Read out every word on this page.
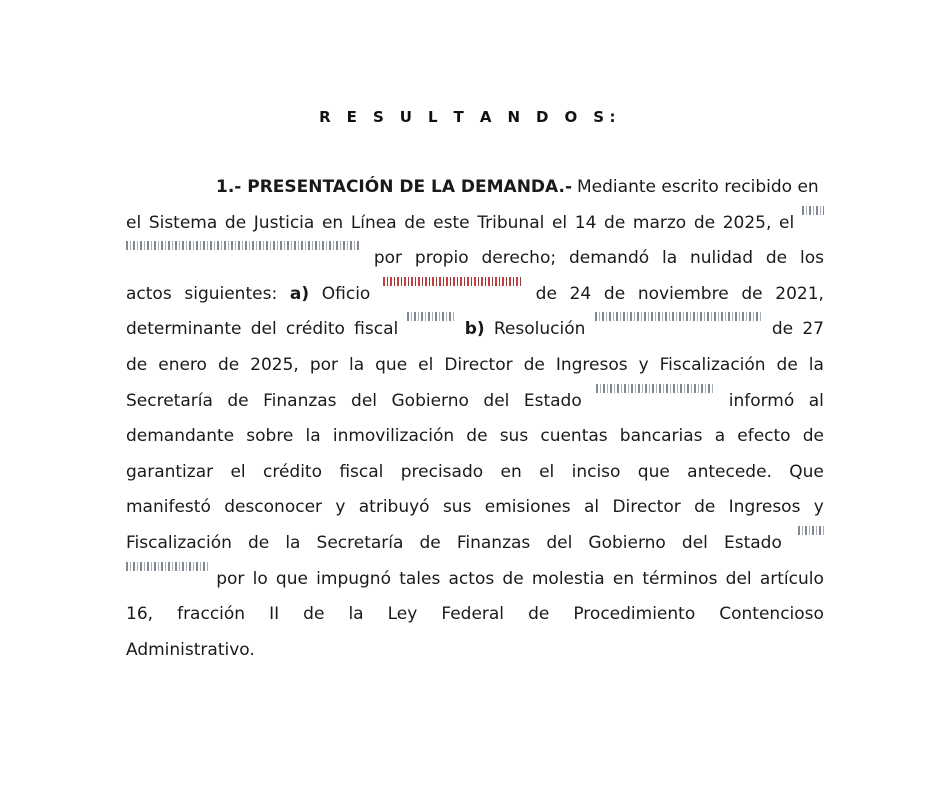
R E S U L T A N D O S:
1.- PRESENTACIÓN DE LA DEMANDA.- Mediante escrito recibido en
el Sistema de Justicia en Línea de este Tribunal el 14 de marzo de 2025, el
por propio derecho; demandó la nulidad de los
actos siguientes: a) Oficio	de 24 de noviembre de 2021,
determinante del crédito fiscal	b) Resolución	de 27
de enero de 2025, por la que el Director de Ingresos y Fiscalización de la
Secretaría de Finanzas del Gobierno del Estado	informó al
demandante sobre la inmovilización de sus cuentas bancarias a efecto de
garantizar el crédito fiscal precisado en el inciso que antecede. Que
manifestó desconocer y atribuyó sus emisiones al Director de Ingresos y
Fiscalización de la Secretaría de Finanzas del Gobierno del Estado
por lo que impugnó tales actos de molestia en términos del artículo
16, fracción II de la Ley Federal de Procedimiento Contencioso
Administrativo.
